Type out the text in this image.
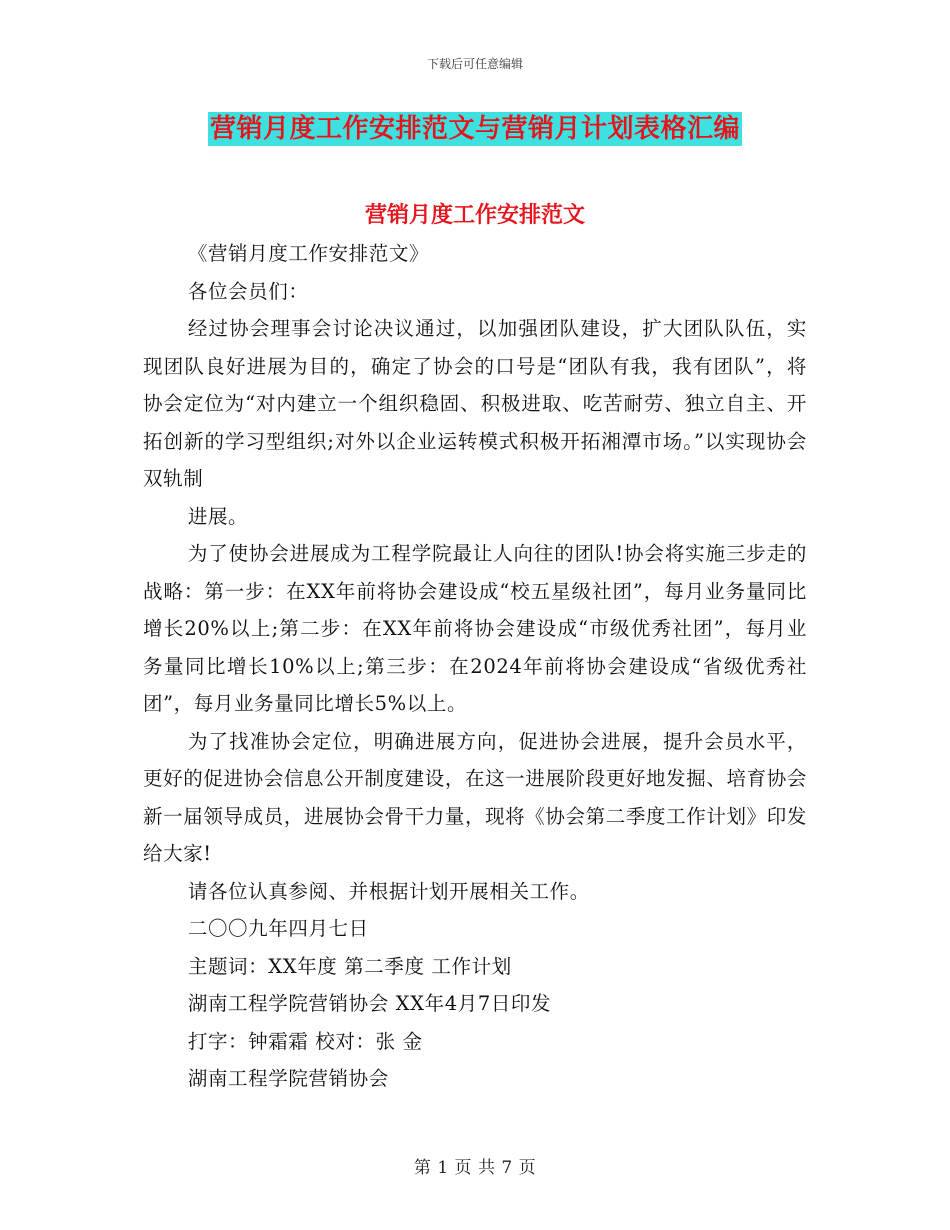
下载后可任意编辑
营销月度工作安排范文与营销月计划表格汇编
营销月度工作安排范文

《营销月度工作安排范文》

各位会员们：

经过协会理事会讨论决议通过，以加强团队建设，扩大团队队伍，实现团队良好进展为目的，确定了协会的口号是“团队有我，我有团队”，将协会定位为“对内建立一个组织稳固、积极进取、吃苦耐劳、独立自主、开拓创新的学习型组织;对外以企业运转模式积极开拓湘潭市场。”以实现协会双轨制

进展。

为了使协会进展成为工程学院最让人向往的团队!协会将实施三步走的战略：第一步：在XX年前将协会建设成“校五星级社团”，每月业务量同比增长20%以上;第二步：在XX年前将协会建设成“市级优秀社团”，每月业务量同比增长10%以上;第三步：在2024年前将协会建设成“省级优秀社团”，每月业务量同比增长5%以上。

为了找准协会定位，明确进展方向，促进协会进展，提升会员水平，更好的促进协会信息公开制度建设，在这一进展阶段更好地发掘、培育协会新一届领导成员，进展协会骨干力量，现将《协会第二季度工作计划》印发给大家!

请各位认真参阅、并根据计划开展相关工作。

二〇〇九年四月七日

主题词：XX年度 第二季度 工作计划

湖南工程学院营销协会 XX年4月7日印发

打字：钟霜霜 校对：张 金

湖南工程学院营销协会

第 1 页 共 7 页
